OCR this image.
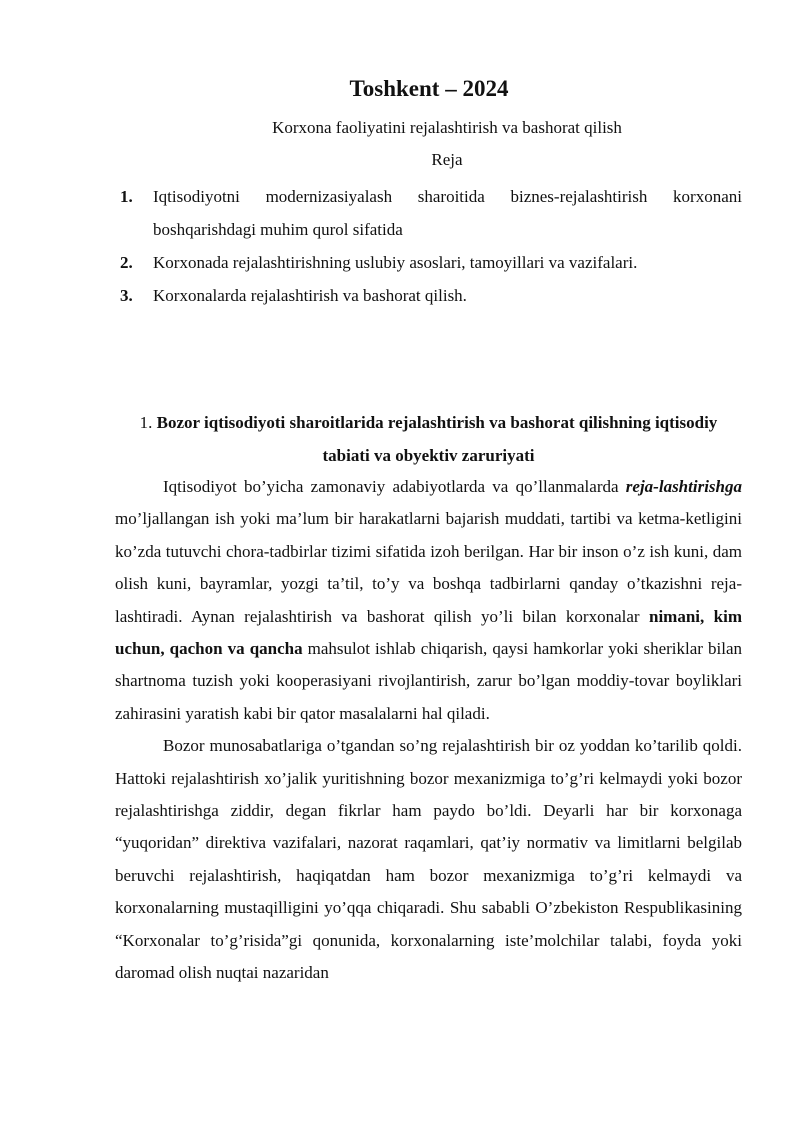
Toshkent – 2024
Korxona faoliyatini rejalashtirish va bashorat qilish
Reja
1. Iqtisodiyotni modernizasiyalash sharoitida biznes-rejalashtirish korxonani boshqarishdagi muhim qurol sifatida
2. Korxonada rejalashtirishning uslubiy asoslari, tamoyillari va vazifalari.
3. Korxonalarda rejalashtirish va bashorat qilish.
1. Bozor iqtisodiyoti sharoitlarida rejalashtirish va bashorat qilishning iqtisodiy tabiati va obyektiv zaruriyati

Iqtisodiyot bo’yicha zamonaviy adabiyotlarda va qo’llanmalarda reja-lashtirishga mo’ljallangan ish yoki ma’lum bir harakatlarni bajarish muddati, tartibi va ketma-ketligini ko’zda tutuvchi chora-tadbirlar tizimi sifatida izoh berilgan. Har bir inson o’z ish kuni, dam olish kuni, bayramlar, yozgi ta’til, to’y va boshqa tadbirlarni qanday o’tkazishni reja-lashtiradi. Aynan rejalashtirish va bashorat qilish yo’li bilan korxonalar nimani, kim uchun, qachon va qancha mahsulot ishlab chiqarish, qaysi hamkorlar yoki sheriklar bilan shartnoma tuzish yoki kooperasiyani rivojlantirish, zarur bo’lgan moddiy-tovar boyliklari zahirasini yaratish kabi bir qator masalalarni hal qiladi.

Bozor munosabatlariga o’tgandan so’ng rejalashtirish bir oz yoddan ko’tarilib qoldi. Hattoki rejalashtirish xo’jalik yuritishning bozor mexanizmiga to’g’ri kelmaydi yoki bozor rejalashtirishga ziddir, degan fikrlar ham paydo bo’ldi. Deyarli har bir korxonaga “yuqoridan” direktiva vazifalari, nazorat raqamlari, qat’iy normativ va limitlarni belgilab beruvchi rejalashtirish, haqiqatdan ham bozor mexanizmiga to’g’ri kelmaydi va korxonalarning mustaqilligini yo’qqa chiqaradi. Shu sababli O’zbekiston Respublikasining “Korxonalar to’g’risida”gi qonunida, korxonalarning iste’molchilar talabi, foyda yoki daromad olish nuqtai nazaridan
